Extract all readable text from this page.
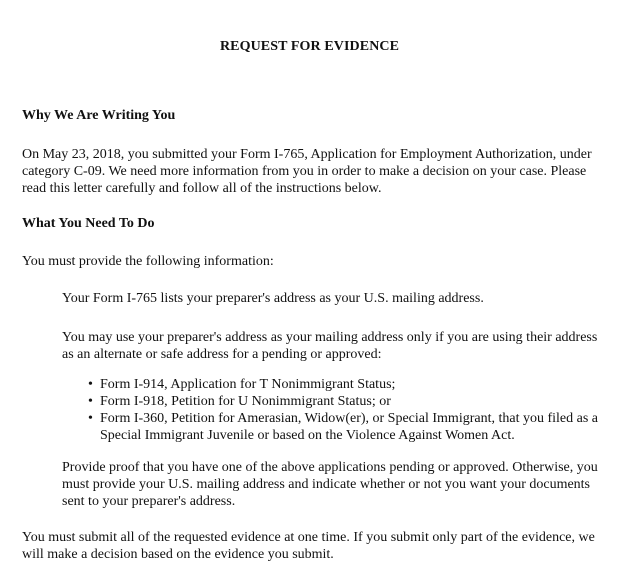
REQUEST FOR EVIDENCE

Why We Are Writing You

On May 23, 2018, you submitted your Form I-765, Application for Employment Authorization, under category C-09. We need more information from you in order to make a decision on your case. Please read this letter carefully and follow all of the instructions below.

What You Need To Do

You must provide the following information:

Your Form I-765 lists your preparer's address as your U.S. mailing address.

You may use your preparer's address as your mailing address only if you are using their address as an alternate or safe address for a pending or approved:

• Form I-914, Application for T Nonimmigrant Status;
• Form I-918, Petition for U Nonimmigrant Status; or
• Form I-360, Petition for Amerasian, Widow(er), or Special Immigrant, that you filed as a Special Immigrant Juvenile or based on the Violence Against Women Act.

Provide proof that you have one of the above applications pending or approved. Otherwise, you must provide your U.S. mailing address and indicate whether or not you want your documents sent to your preparer's address.

You must submit all of the requested evidence at one time. If you submit only part of the evidence, we will make a decision based on the evidence you submit.
